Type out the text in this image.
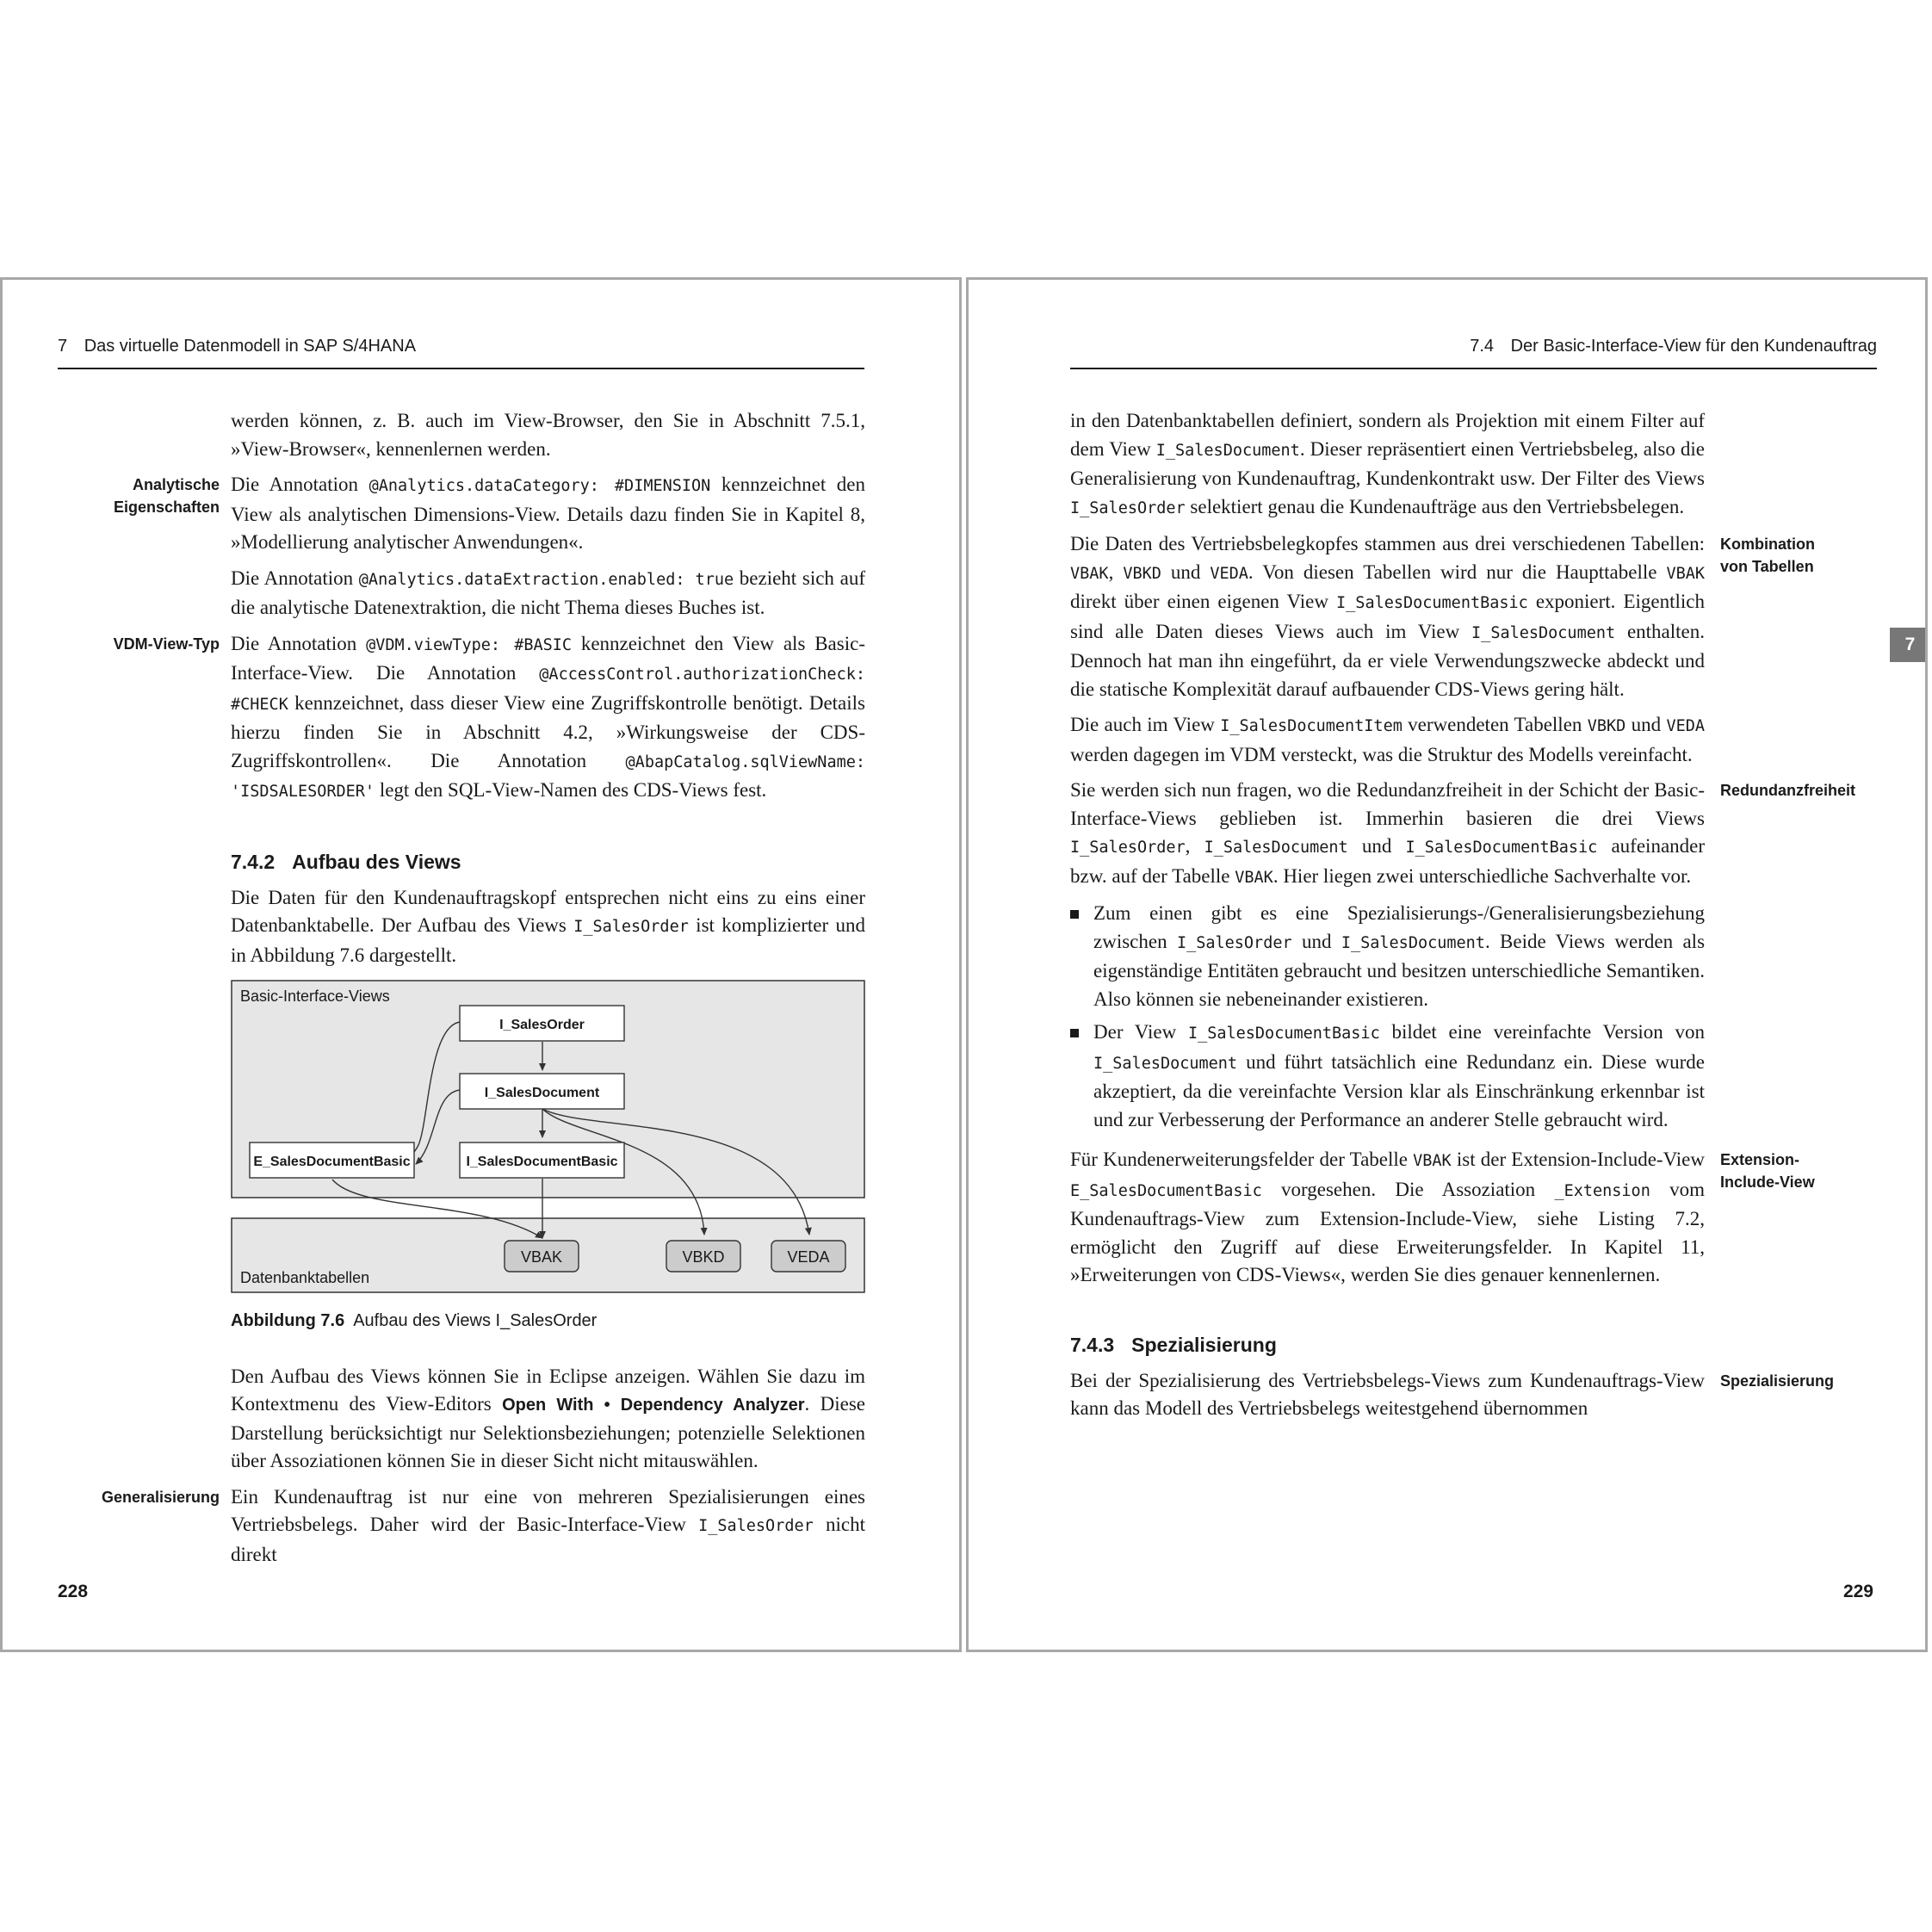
7 Das virtuelle Datenmodell in SAP S/4HANA

werden können, z. B. auch im View-Browser, den Sie in Abschnitt 7.5.1, »View-Browser«, kennenlernen werden.

Analytische
Eigenschaften
Die Annotation @Analytics.dataCategory: #DIMENSION kennzeichnet den View als analytischen Dimensions-View. Details dazu finden Sie in Kapitel 8, »Modellierung analytischer Anwendungen«.

Die Annotation @Analytics.dataExtraction.enabled: true bezieht sich auf die analytische Datenextraktion, die nicht Thema dieses Buches ist.

VDM-View-Typ Die Annotation @VDM.viewType: #BASIC kennzeichnet den View als Basic-Interface-View. Die Annotation @AccessControl.authorizationCheck: #CHECK kennzeichnet, dass dieser View eine Zugriffskontrolle benötigt. Details hierzu finden Sie in Abschnitt 4.2, »Wirkungsweise der CDS-Zugriffskontrollen«. Die Annotation @AbapCatalog.sqlViewName: 'ISDSALESORDER' legt den SQL-View-Namen des CDS-Views fest.

7.4.2 Aufbau des Views

Die Daten für den Kundenauftragskopf entsprechen nicht eins zu eins einer Datenbanktabelle. Der Aufbau des Views I_SalesOrder ist komplizierter und in Abbildung 7.6 dargestellt.

Basic-Interface-Views
Datenbanktabellen
I_SalesOrder
I_SalesDocument
E_SalesDocumentBasic	I_SalesDocumentBasic
VBAK	VBKD	VEDA
Abbildung 7.6 Aufbau des Views I_SalesOrder

Den Aufbau des Views können Sie in Eclipse anzeigen. Wählen Sie dazu im Kontextmenu des View-Editors Open With • Dependency Analyzer. Diese Darstellung berücksichtigt nur Selektionsbeziehungen; potenzielle Selektionen über Assoziationen können Sie in dieser Sicht nicht mitauswählen.

Generalisierung Ein Kundenauftrag ist nur eine von mehreren Spezialisierungen eines Vertriebsbelegs. Daher wird der Basic-Interface-View I_SalesOrder nicht direkt

228
7.4 Der Basic-Interface-View für den Kundenauftrag
7

in den Datenbanktabellen definiert, sondern als Projektion mit einem Filter auf dem View I_SalesDocument. Dieser repräsentiert einen Vertriebsbeleg, also die Generalisierung von Kundenauftrag, Kundenkontrakt usw. Der Filter des Views I_SalesOrder selektiert genau die Kundenaufträge aus den Vertriebsbelegen.

Kombination
von Tabellen
Die Daten des Vertriebsbelegkopfes stammen aus drei verschiedenen Tabellen: VBAK, VBKD und VEDA. Von diesen Tabellen wird nur die Haupttabelle VBAK direkt über einen eigenen View I_SalesDocumentBasic exponiert. Eigentlich sind alle Daten dieses Views auch im View I_SalesDocument enthalten. Dennoch hat man ihn eingeführt, da er viele Verwendungszwecke abdeckt und die statische Komplexität darauf aufbauender CDS-Views gering hält.

Die auch im View I_SalesDocumentItem verwendeten Tabellen VBKD und VEDA werden dagegen im VDM versteckt, was die Struktur des Modells vereinfacht.

Redundanzfreiheit
Sie werden sich nun fragen, wo die Redundanzfreiheit in der Schicht der Basic-Interface-Views geblieben ist. Immerhin basieren die drei Views I_SalesOrder, I_SalesDocument und I_SalesDocumentBasic aufeinander bzw. auf der Tabelle VBAK. Hier liegen zwei unterschiedliche Sachverhalte vor.

Zum einen gibt es eine Spezialisierungs-/Generalisierungsbeziehung zwischen I_SalesOrder und I_SalesDocument. Beide Views werden als eigenständige Entitäten gebraucht und besitzen unterschiedliche Semantiken. Also können sie nebeneinander existieren.
Der View I_SalesDocumentBasic bildet eine vereinfachte Version von I_SalesDocument und führt tatsächlich eine Redundanz ein. Diese wurde akzeptiert, da die vereinfachte Version klar als Einschränkung erkennbar ist und zur Verbesserung der Performance an anderer Stelle gebraucht wird.

Extension-
Include-View
Für Kundenerweiterungsfelder der Tabelle VBAK ist der Extension-Include-View E_SalesDocumentBasic vorgesehen. Die Assoziation _Extension vom Kundenauftrags-View zum Extension-Include-View, siehe Listing 7.2, ermöglicht den Zugriff auf diese Erweiterungsfelder. In Kapitel 11, »Erweiterungen von CDS-Views«, werden Sie dies genauer kennenlernen.

7.4.3 Spezialisierung

Spezialisierung
Bei der Spezialisierung des Vertriebsbelegs-Views zum Kundenauftrags-View kann das Modell des Vertriebsbelegs weitestgehend übernommen

229
